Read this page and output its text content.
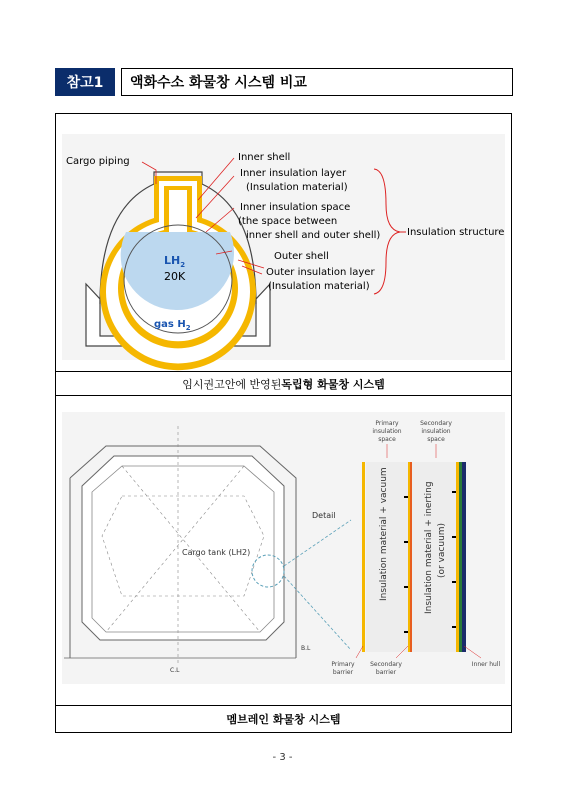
참고1	액화수소 화물창 시스템 비교
$LH_2$
20K
gas $H_2$
Cargo piping	Inner shell
Inner insulation layer
(Insulation material)
Inner insulation space
(the space between
inner shell and outer shell)
Outer shell
Outer insulation layer
(Insulation material)
Insulation structure
임시권고안에 반영된 독립형 화물창 시스템
Detail
Cargo tank (LH2)
B.L
C.L
Insulation material + vacuum	Insulation material + inerting (or vacuum)
Primary
insulation
space
Secondary
insulation
space
Primary
barrier
Secondary
barrier
Inner hull
멤브레인 화물창 시스템
- 3 -
